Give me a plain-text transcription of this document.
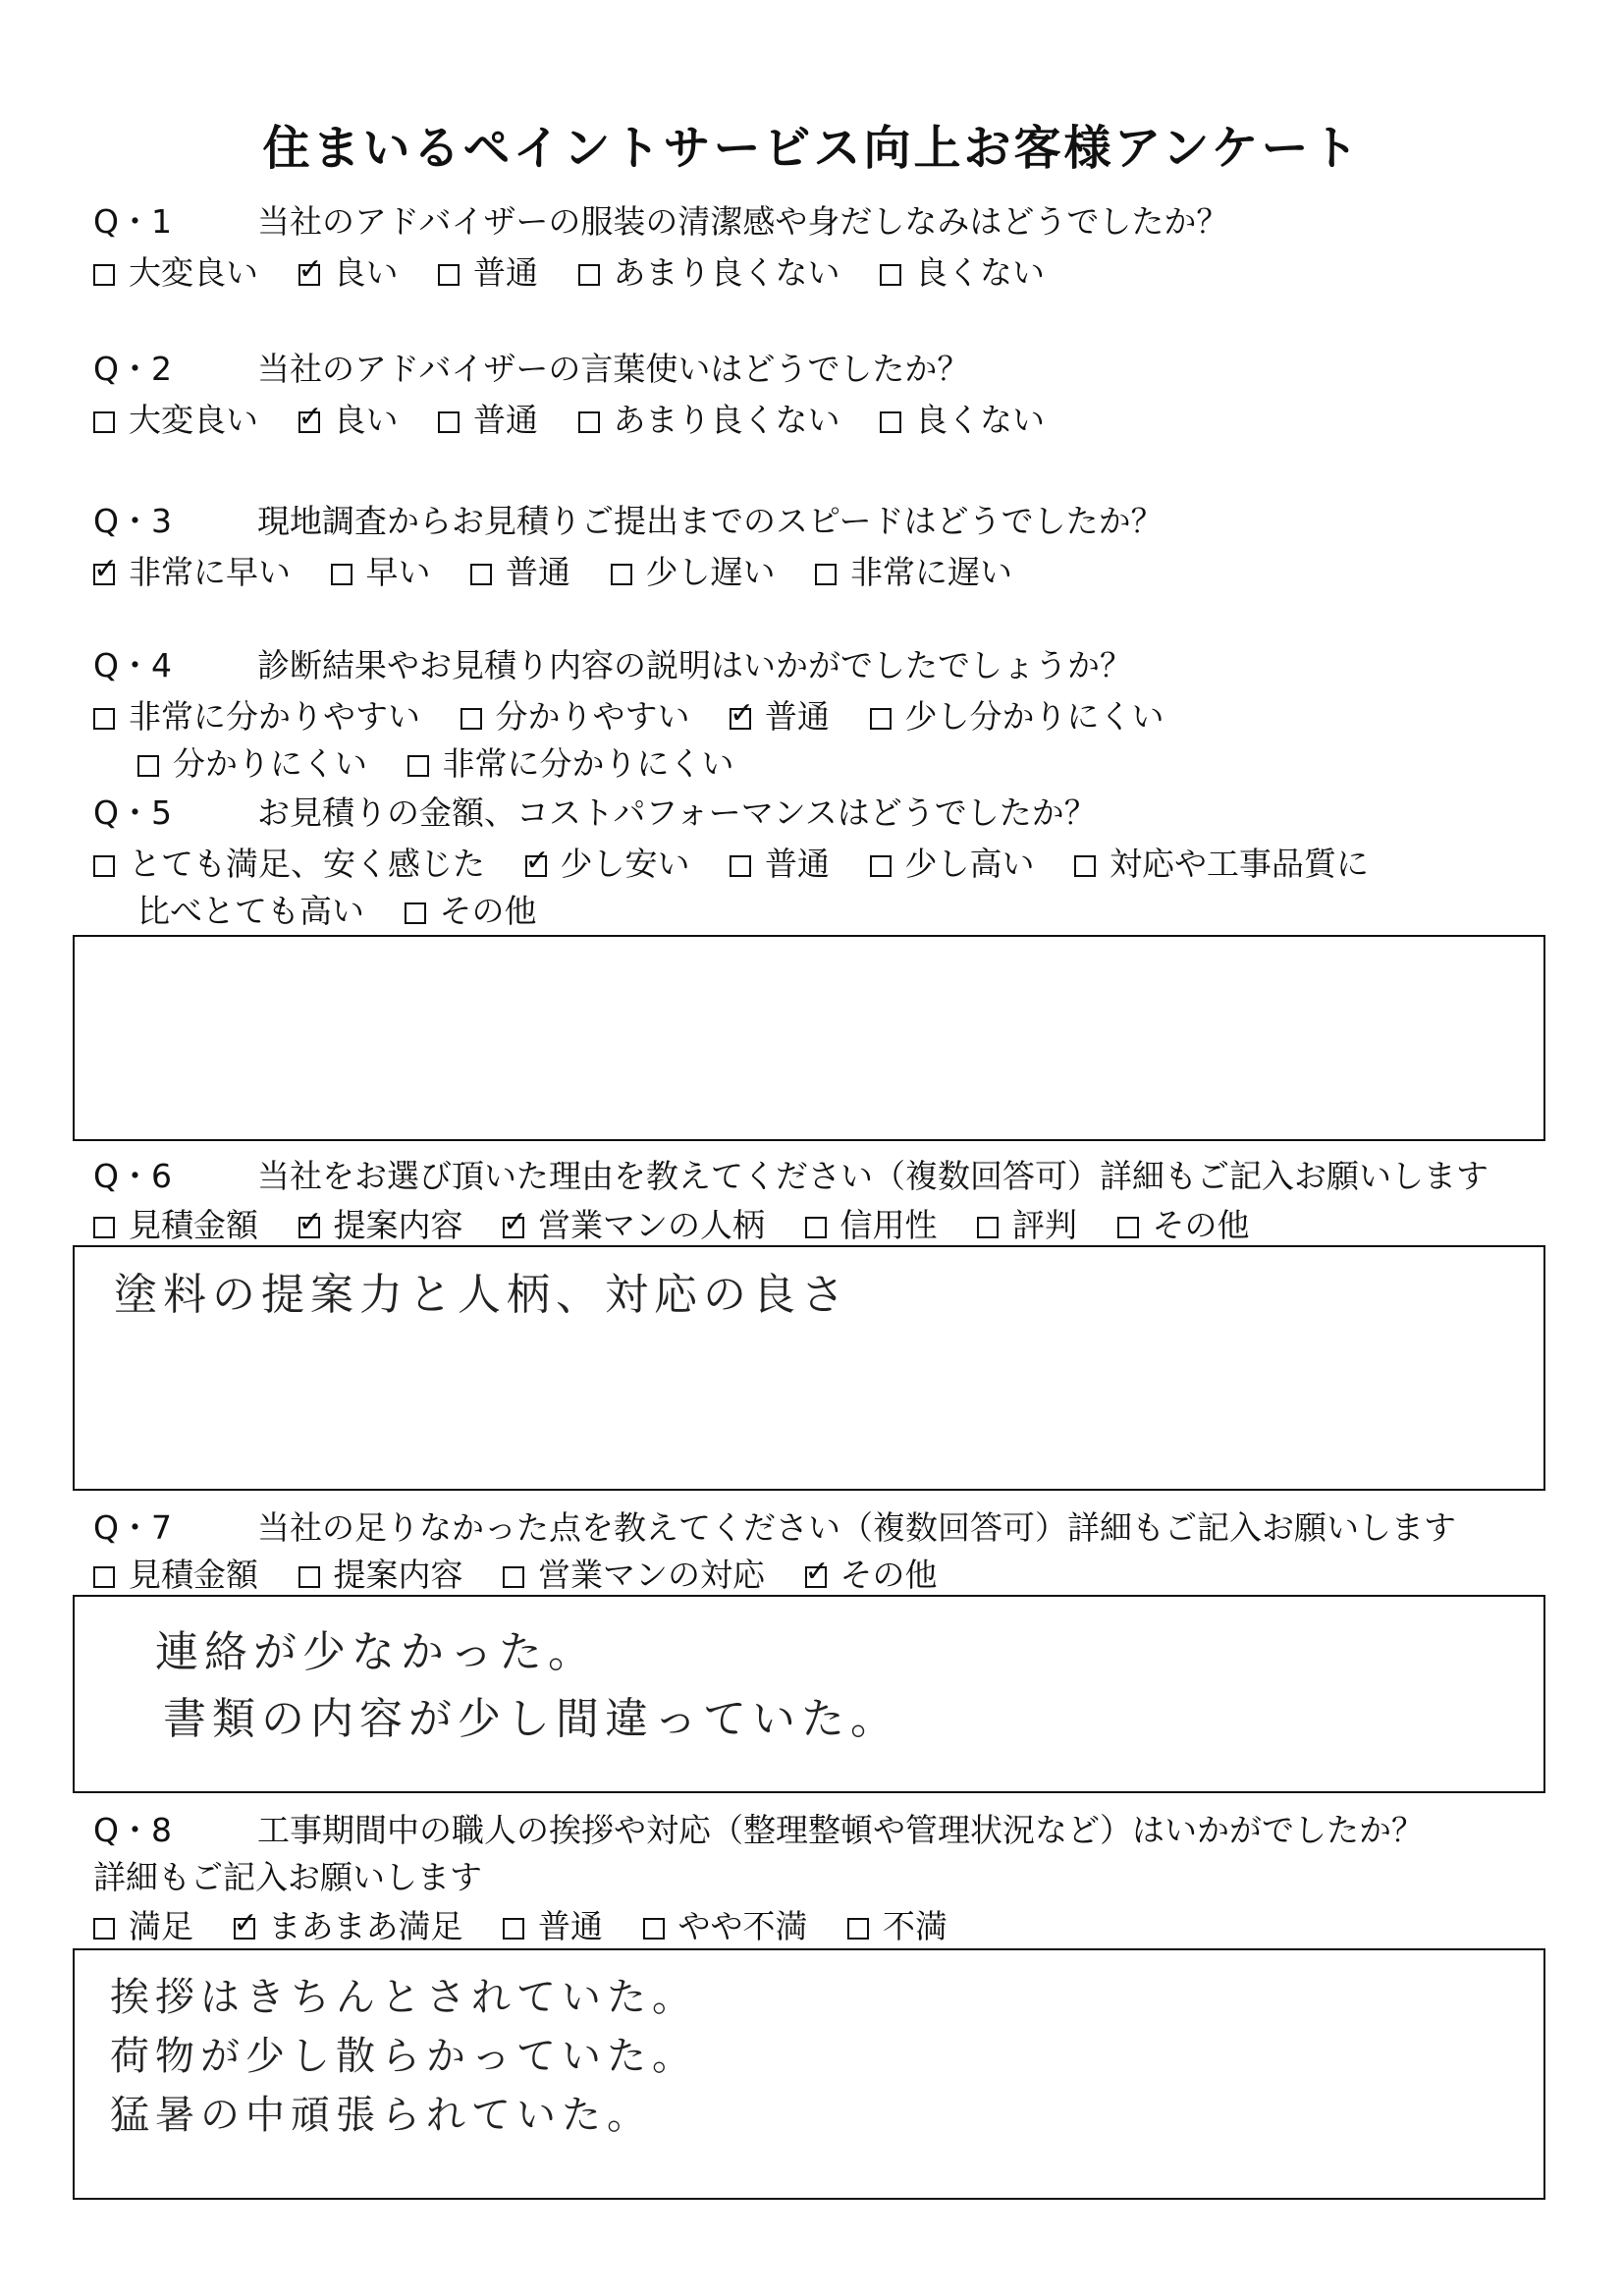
住まいるペイントサービス向上お客様アンケート
Q・1	当社のアドバイザーの服装の清潔感や身だしなみはどうでしたか？
大変良い ✓ 良い 普通 あまり良くない 良くない
Q・2	当社のアドバイザーの言葉使いはどうでしたか？
大変良い ✓ 良い 普通 あまり良くない 良くない
Q・3	現地調査からお見積りご提出までのスピードはどうでしたか？
✓非常に早い 早い 普通 少し遅い 非常に遅い
Q・4	診断結果やお見積り内容の説明はいかがでしたでしょうか？
非常に分かりやすい 分かりやすい ✓ 普通 少し分かりにくい
分かりにくい 非常に分かりにくい
Q・5	お見積りの金額、コストパフォーマンスはどうでしたか？
とても満足、安く感じた ✓ 少し安い 普通 少し高い 対応や工事品質に
比べとても高い その他
Q・6	当社をお選び頂いた理由を教えてください（複数回答可）詳細もご記入お願いします
見積金額 ✓ 提案内容 ✓ 営業マンの人柄 信用性 評判 その他
塗料の提案力と人柄、対応の良さ
Q・7	当社の足りなかった点を教えてください（複数回答可）詳細もご記入お願いします
見積金額 提案内容 営業マンの対応 ✓ その他
連絡が少なかった。
書類の内容が少し間違っていた。
Q・8	工事期間中の職人の挨拶や対応（整理整頓や管理状況など）はいかがでしたか？
詳細もご記入お願いします
満足 ✓ まあまあ満足 普通 やや不満 不満
挨拶はきちんとされていた。
荷物が少し散らかっていた。
猛暑の中頑張られていた。
